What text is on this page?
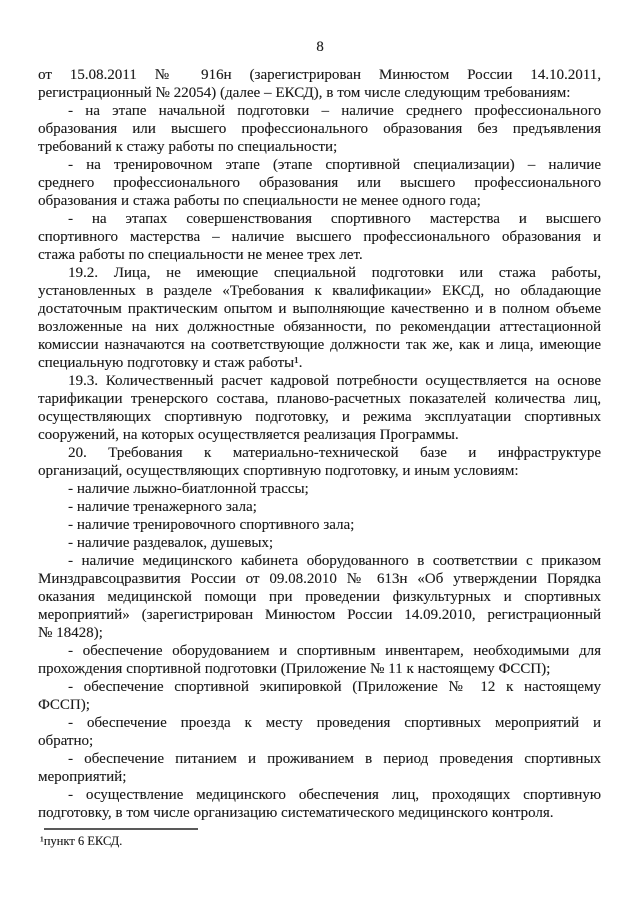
8
от 15.08.2011 № 916н (зарегистрирован Минюстом России 14.10.2011,
регистрационный № 22054) (далее – ЕКСД), в том числе следующим требованиям:
- на этапе начальной подготовки – наличие среднего профессионального
образования или высшего профессионального образования без предъявления
требований к стажу работы по специальности;
- на тренировочном этапе (этапе спортивной специализации) – наличие
среднего профессионального образования или высшего профессионального
образования и стажа работы по специальности не менее одного года;
- на этапах совершенствования спортивного мастерства и высшего
спортивного мастерства – наличие высшего профессионального образования и
стажа работы по специальности не менее трех лет.
19.2. Лица, не имеющие специальной подготовки или стажа работы,
установленных в разделе «Требования к квалификации» ЕКСД, но обладающие
достаточным практическим опытом и выполняющие качественно и в полном объеме
возложенные на них должностные обязанности, по рекомендации аттестационной
комиссии назначаются на соответствующие должности так же, как и лица, имеющие
специальную подготовку и стаж работы¹.
19.3. Количественный расчет кадровой потребности осуществляется на основе
тарификации тренерского состава, планово-расчетных показателей количества лиц,
осуществляющих спортивную подготовку, и режима эксплуатации спортивных
сооружений, на которых осуществляется реализация Программы.
20. Требования к материально-технической базе и инфраструктуре
организаций, осуществляющих спортивную подготовку, и иным условиям:
- наличие лыжно-биатлонной трассы;
- наличие тренажерного зала;
- наличие тренировочного спортивного зала;
- наличие раздевалок, душевых;
- наличие медицинского кабинета оборудованного в соответствии с приказом
Минздравсоцразвития России от 09.08.2010 № 613н «Об утверждении Порядка
оказания медицинской помощи при проведении физкультурных и спортивных
мероприятий» (зарегистрирован Минюстом России 14.09.2010, регистрационный
№ 18428);
- обеспечение оборудованием и спортивным инвентарем, необходимыми для
прохождения спортивной подготовки (Приложение № 11 к настоящему ФССП);
- обеспечение спортивной экипировкой (Приложение № 12 к настоящему
ФССП);
- обеспечение проезда к месту проведения спортивных мероприятий и
обратно;
- обеспечение питанием и проживанием в период проведения спортивных
мероприятий;
- осуществление медицинского обеспечения лиц, проходящих спортивную
подготовку, в том числе организацию систематического медицинского контроля.
¹пункт 6 ЕКСД.
